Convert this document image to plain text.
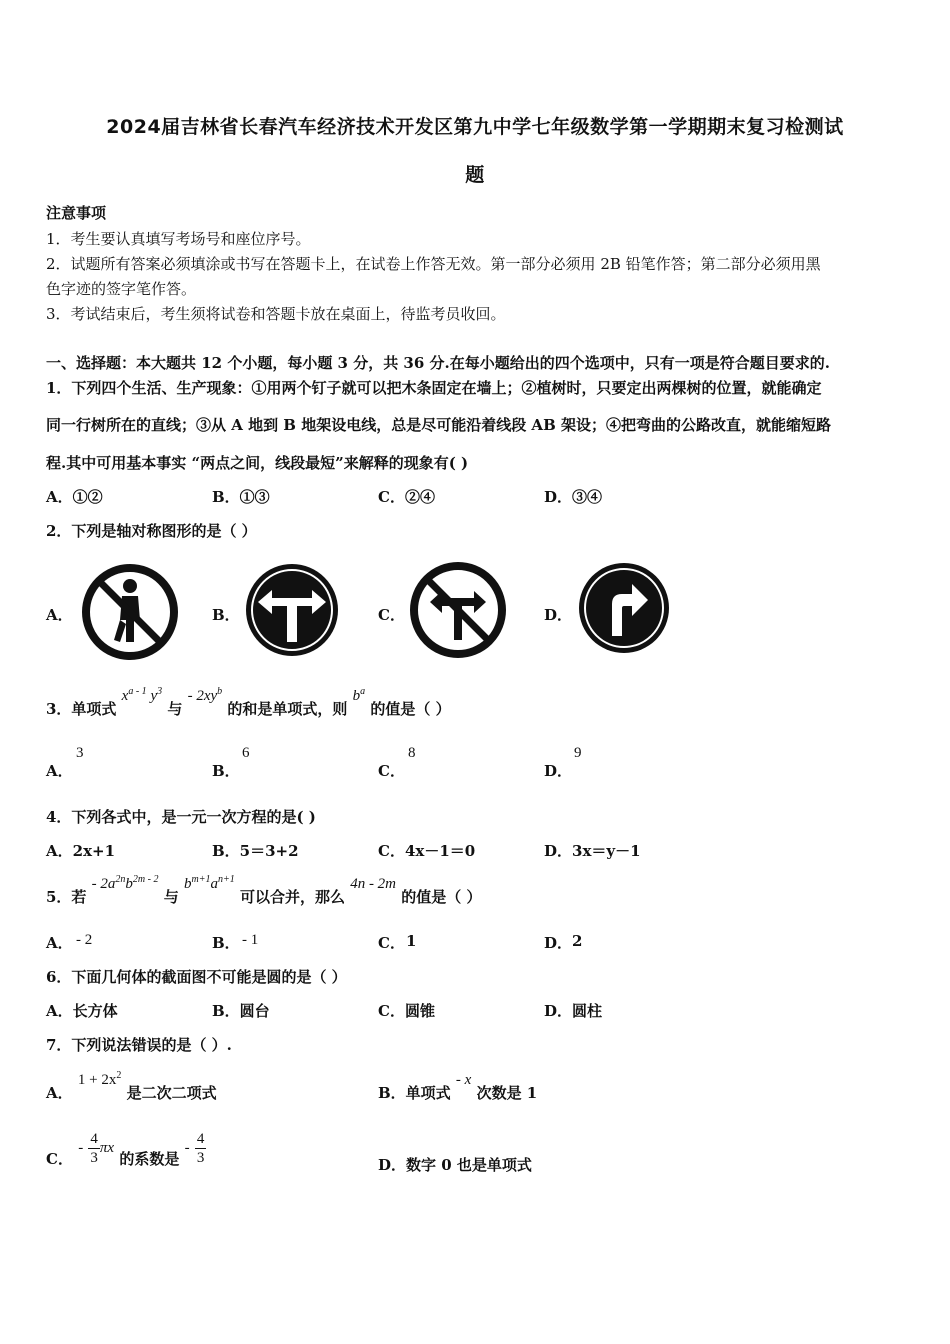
2024届吉林省长春汽车经济技术开发区第九中学七年级数学第一学期期末复习检测试
题
注意事项
1．考生要认真填写考场号和座位序号。
2．试题所有答案必须填涂或书写在答题卡上，在试卷上作答无效。第一部分必须用 2B 铅笔作答；第二部分必须用黑
色字迹的签字笔作答。
3．考试结束后，考生须将试卷和答题卡放在桌面上，待监考员收回。
一、选择题：本大题共 12 个小题，每小题 3 分，共 36 分.在每小题给出的四个选项中，只有一项是符合题目要求的.
1．下列四个生活、生产现象：①用两个钉子就可以把木条固定在墙上；②植树时，只要定出两棵树的位置，就能确定
同一行树所在的直线；③从 A 地到 B 地架设电线，总是尽可能沿着线段 AB 架设；④把弯曲的公路改直，就能缩短路
程.其中可用基本事实 “两点之间，线段最短”来解释的现象有( )
A．①②	B．①③	C．②④	D．③④
2．下列是轴对称图形的是（ ）
A．	B．	C．	D．
3．单项式 $x^{a - 1}$ $y^3$ 与 - $2xy^b$ 的和是单项式，则 $b^a$ 的值是（ ）
A．
3
B．
6
C．
8
D．
9
4．下列各式中，是一元一次方程的是( )
A．2x+1	B．5＝3+2	C．4x－1＝0	D．3x＝y－1
5．若 - $2a^{2n}b^{2m - 2}$ 与 $b^{m+1}a^{n+1}$ 可以合并，那么 4n - 2m 的值是（ ）
A． - 2	B． - 1	C． 1	D． 2
6．下面几何体的截面图不可能是圆的是（ ）
A．长方体	B．圆台	C．圆锥	D．圆柱
7．下列说法错误的是（ ）.
A． $1 + 2x^2$ 是二次二项式	B．单项式 - x 次数是 1
C． - $\frac{4}{3}$ πx 的系数是 - $\frac{4}{3}$	D．数字 0 也是单项式
